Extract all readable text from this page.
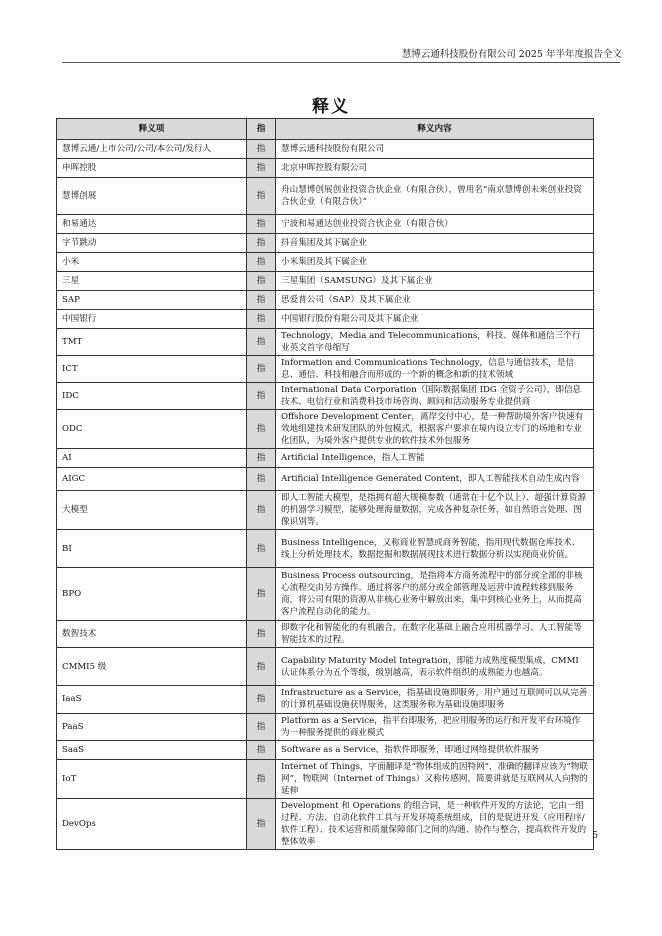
慧博云通科技股份有限公司 2025 年半年度报告全文
释义
释义项	指	释义内容
慧博云通/上市公司/公司/本公司/发行人	指	慧博云通科技股份有限公司
申晖控股	指	北京申晖控股有限公司
慧博创展	指	舟山慧博创展创业投资合伙企业（有限合伙），曾用名“南京慧博创未来创业投资合伙企业（有限合伙）”
和易通达	指	宁波和易通达创业投资合伙企业（有限合伙）
字节跳动	指	抖音集团及其下属企业
小米	指	小米集团及其下属企业
三星	指	三星集团（SAMSUNG）及其下属企业
SAP	指	思爱普公司（SAP）及其下属企业
中国银行	指	中国银行股份有限公司及其下属企业
TMT	指	Technology，Media and Telecommunications，科技、媒体和通信三个行业英文首字母缩写
ICT	指	Information and Communications Technology，信息与通信技术，是信息、通信、科技相融合而形成的一个新的概念和新的技术领域
IDC	指	International Data Corporation（国际数据集团 IDG 全资子公司），即信息技术、电信行业和消费科技市场咨询、顾问和活动服务专业提供商
ODC	指	Offshore Development Center，离岸交付中心，是一种帮助境外客户快速有效地组建技术研发团队的外包模式，根据客户要求在境内设立专门的场地和专业化团队，为境外客户提供专业的软件技术外包服务
AI	指	Artificial Intelligence，指人工智能
AIGC	指	Artificial Intelligence Generated Content，即人工智能技术自动生成内容
大模型	指	即人工智能大模型，是指拥有超大规模参数（通常在十亿个以上）、超强计算资源的机器学习模型，能够处理海量数据，完成各种复杂任务，如自然语言处理、图像识别等。
BI	指	Business Intelligence，又称商业智慧或商务智能，指用现代数据仓库技术、线上分析处理技术、数据挖掘和数据展现技术进行数据分析以实现商业价值。
BPO	指	Business Process outsourcing，是指将本方商务流程中的部分或全部的非核心流程交由另方操作。通过将客户的部分或全部管理及运营中流程转移到服务商，将公司有限的资源从非核心业务中解放出来，集中到核心业务上，从而提高客户流程自动化的能力。
数智技术	指	即数字化和智能化的有机融合，在数字化基础上融合应用机器学习、人工智能等智能技术的过程。
CMMI5 级	指	Capability Maturity Model Integration，即能力成熟度模型集成，CMMI 认证体系分为五个等级，级别越高，表示软件组织的成熟能力也越高。
IaaS	指	Infrastructure as a Service，指基础设施即服务，用户通过互联网可以从完善的计算机基础设施获得服务，这类服务称为基础设施即服务
PaaS	指	Platform as a Service，指平台即服务，把应用服务的运行和开发平台环境作为一种服务提供的商业模式
SaaS	指	Software as a Service，指软件即服务，即通过网络提供软件服务
IoT	指	Internet of Things，字面翻译是“物体组成的因特网”，准确的翻译应该为“物联网”，物联网（Internet of Things）又称传感网，简要讲就是互联网从人向物的延伸
DevOps	指	Development 和 Operations 的组合词，是一种软件开发的方法论，它由一组过程、方法、自动化软件工具与开发环境系统组成，目的是促进开发（应用程序/软件工程）、技术运营和质量保障部门之间的沟通、协作与整合，提高软件开发的整体效率
5
